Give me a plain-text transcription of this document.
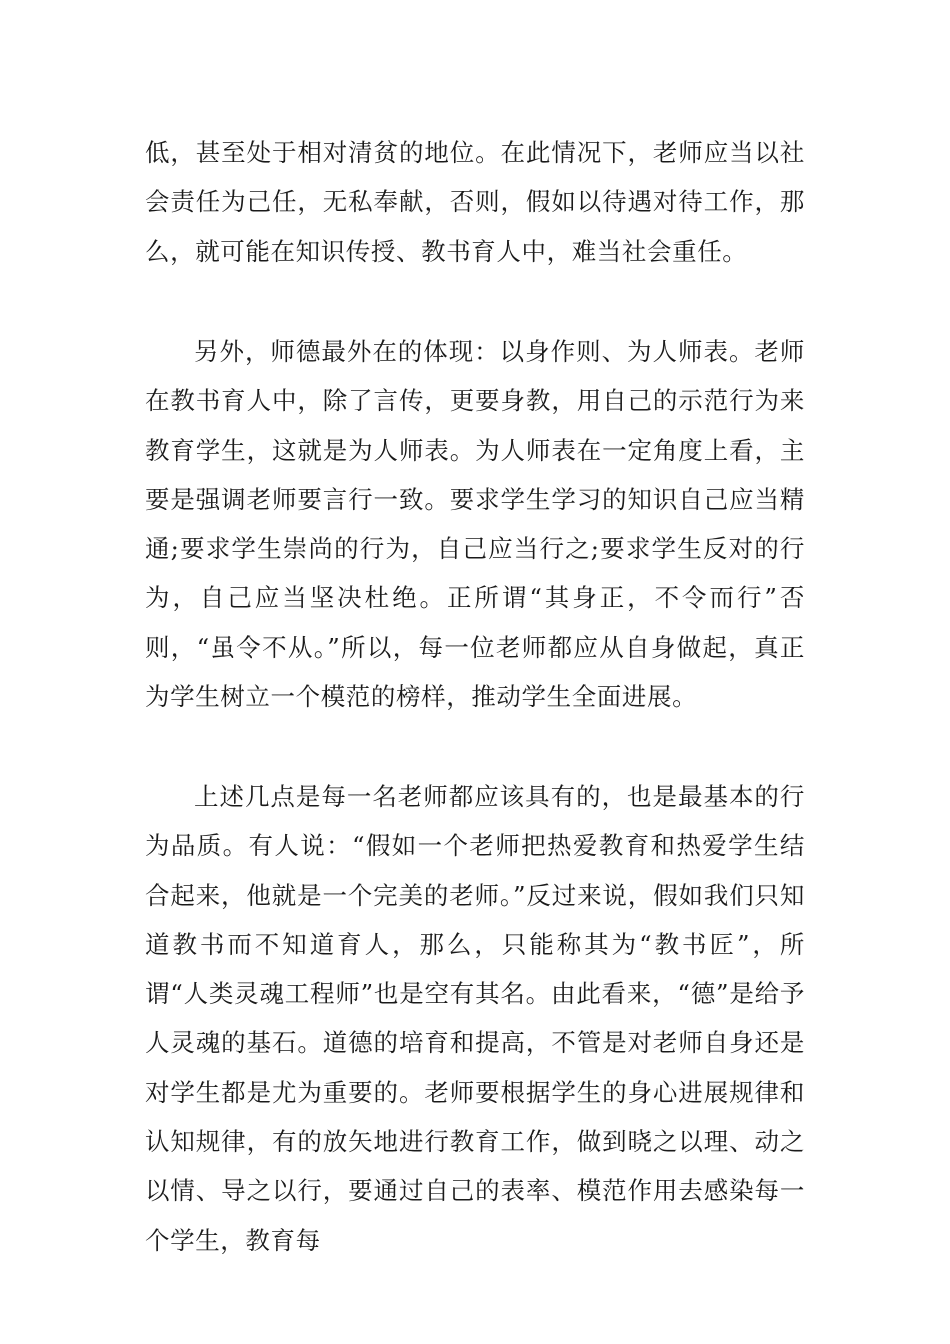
低，甚至处于相对清贫的地位。在此情况下，老师应当以社会责任为己任，无私奉献，否则，假如以待遇对待工作，那么，就可能在知识传授、教书育人中，难当社会重任。

另外，师德最外在的体现：以身作则、为人师表。老师在教书育人中，除了言传，更要身教，用自己的示范行为来教育学生，这就是为人师表。为人师表在一定角度上看，主要是强调老师要言行一致。要求学生学习的知识自己应当精通;要求学生崇尚的行为，自己应当行之;要求学生反对的行为，自己应当坚决杜绝。正所谓“其身正，不令而行”否则，“虽令不从。”所以，每一位老师都应从自身做起，真正为学生树立一个模范的榜样，推动学生全面进展。

上述几点是每一名老师都应该具有的，也是最基本的行为品质。有人说：“假如一个老师把热爱教育和热爱学生结合起来，他就是一个完美的老师。”反过来说，假如我们只知道教书而不知道育人，那么，只能称其为“教书匠”，所谓“人类灵魂工程师”也是空有其名。由此看来，“德”是给予人灵魂的基石。道德的培育和提高，不管是对老师自身还是对学生都是尤为重要的。老师要根据学生的身心进展规律和认知规律，有的放矢地进行教育工作，做到晓之以理、动之以情、导之以行，要通过自己的表率、模范作用去感染每一个学生，教育每
